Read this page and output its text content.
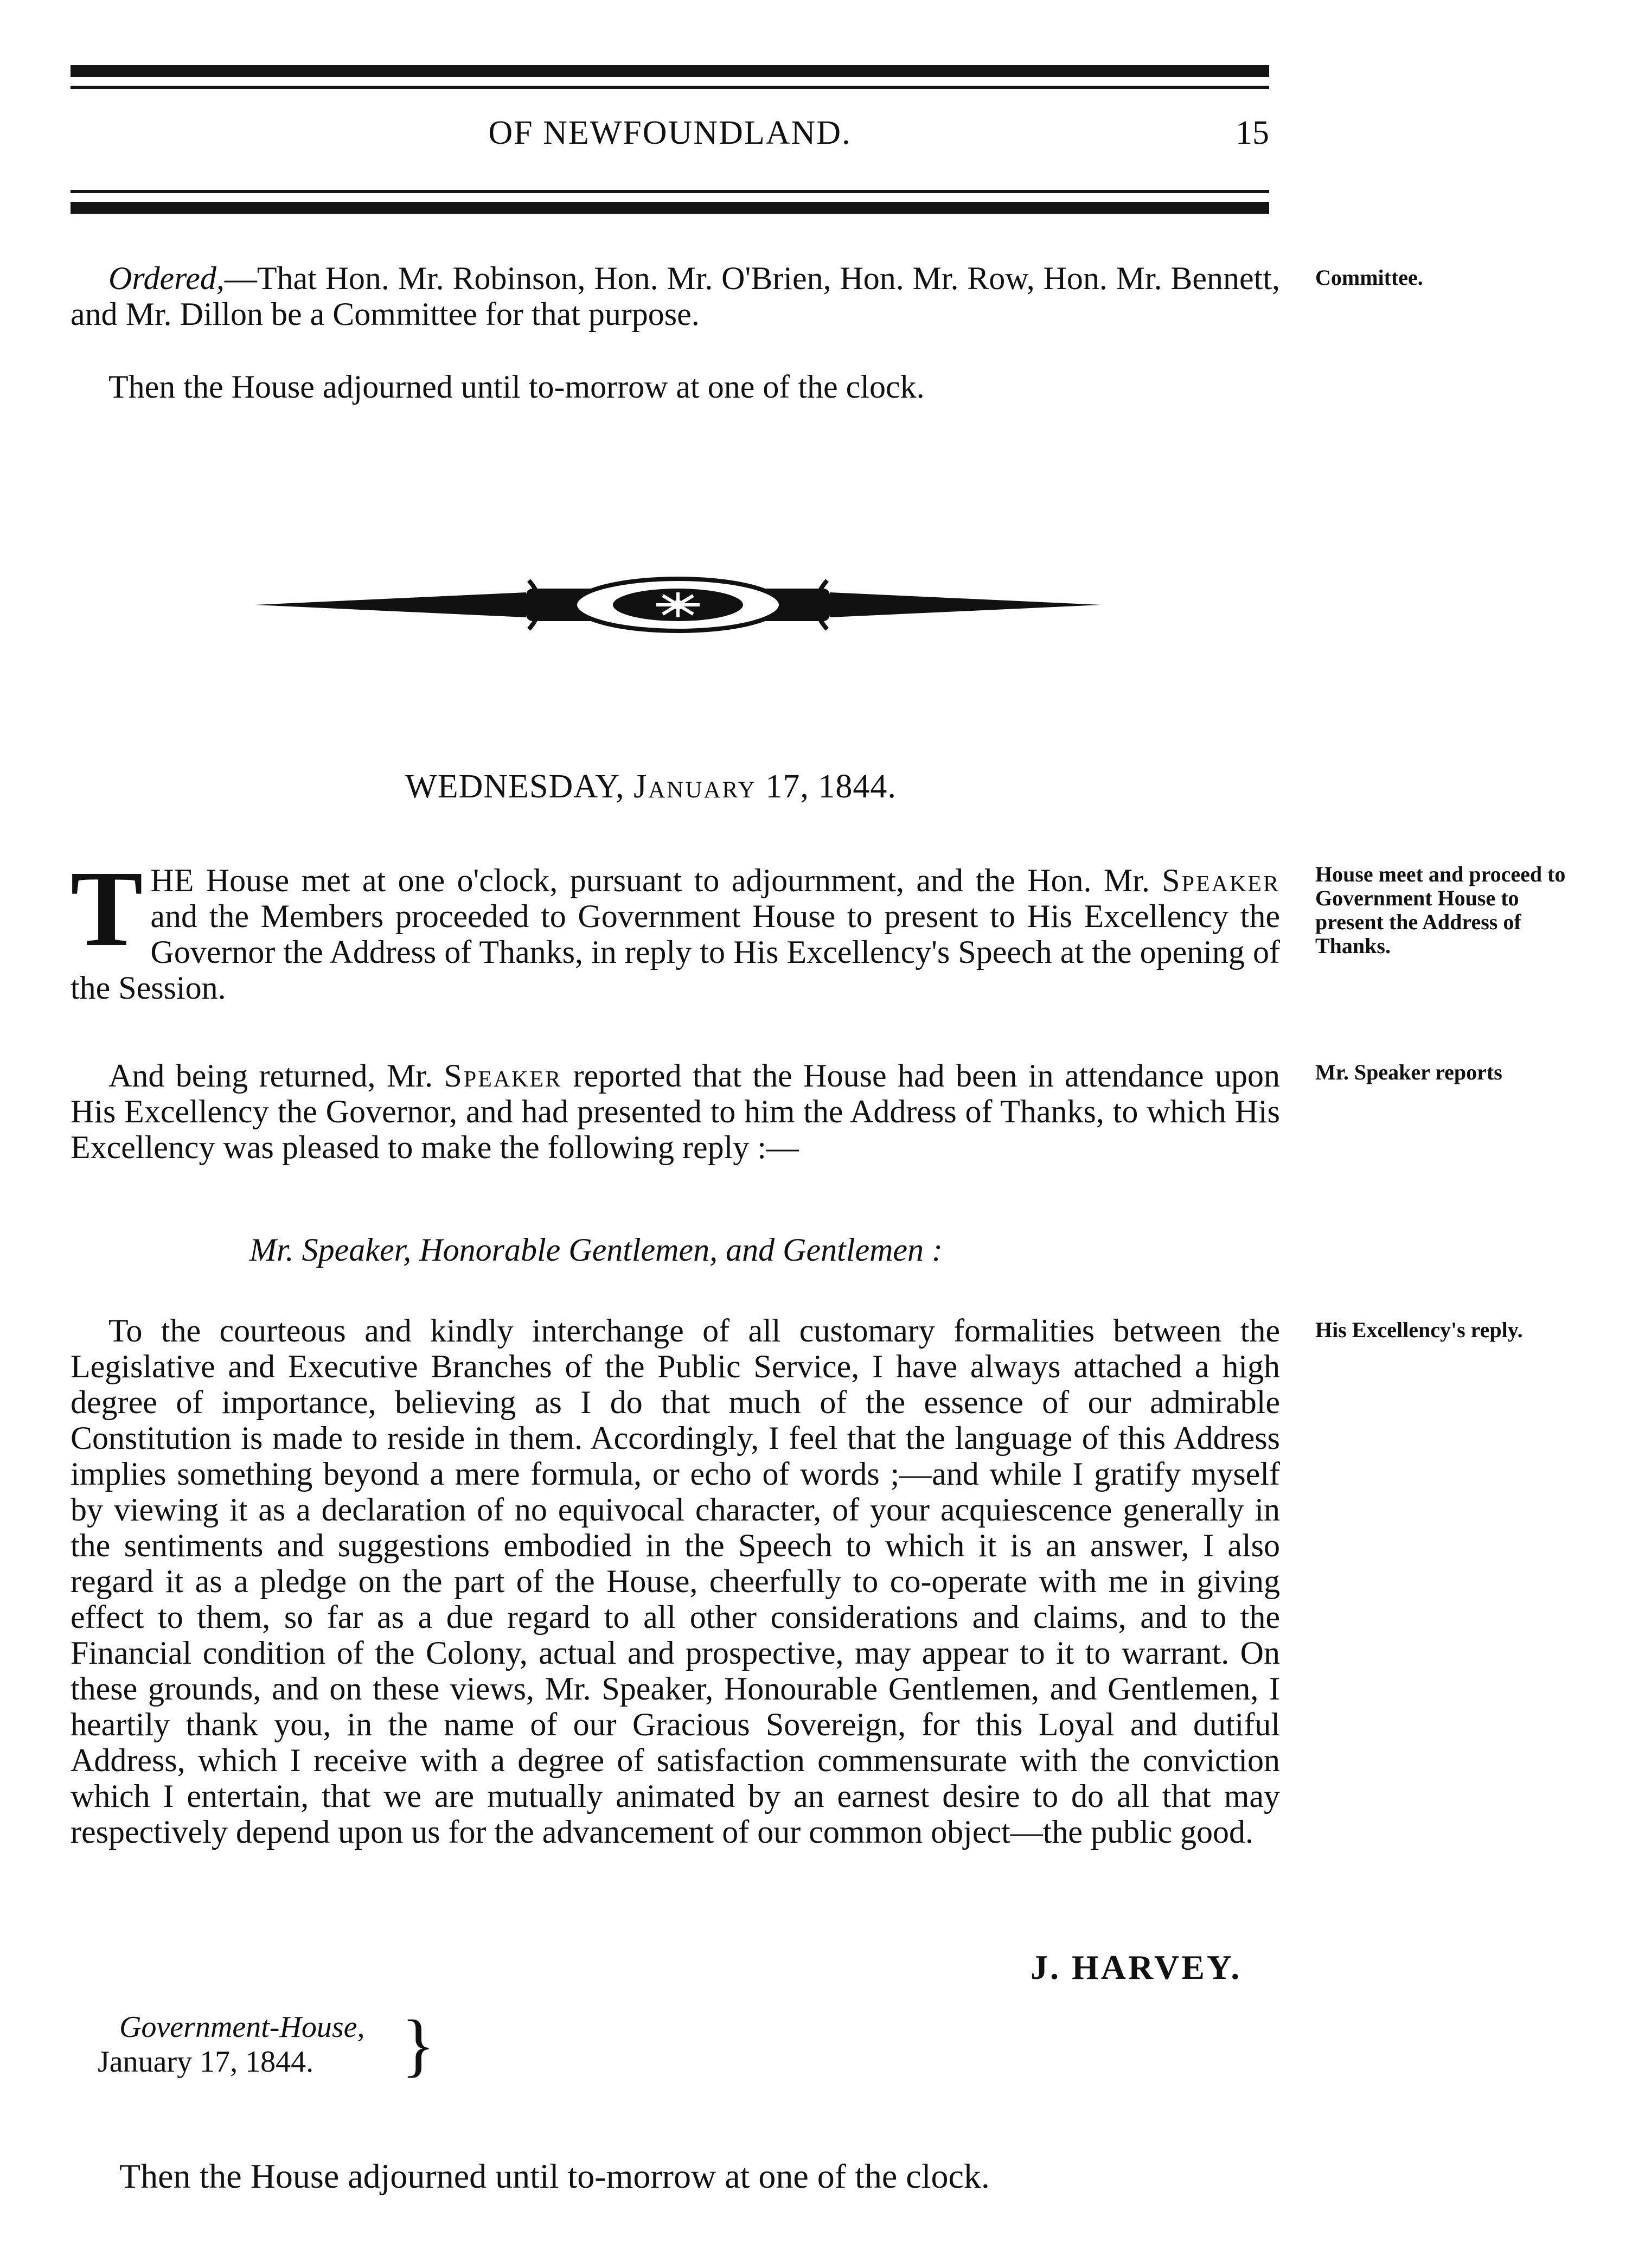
OF NEWFOUNDLAND.	15

Ordered,—That Hon. Mr. Robinson, Hon. Mr. O'Brien, Hon. Mr. Row, Hon. Mr. Bennett, and Mr. Dillon be a Committee for that purpose.

Committee.

Then the House adjourned until to-morrow at one of the clock.

WEDNESDAY, January 17, 1844.

T HE House met at one o'clock, pursuant to adjournment, and the Hon. Mr. Speaker and the Members proceeded to Government House to present to His Excellency the Governor the Address of Thanks, in reply to His Excellency's Speech at the opening of the Session.

House meet and proceed to Government House to present the Address of Thanks.

And being returned, Mr. Speaker reported that the House had been in attendance upon His Excellency the Governor, and had presented to him the Address of Thanks, to which His Excellency was pleased to make the following reply :—

Mr. Speaker reports
Mr. Speaker, Honorable Gentlemen, and Gentlemen :

To the courteous and kindly interchange of all customary formalities between the Legislative and Executive Branches of the Public Service, I have always attached a high degree of importance, believing as I do that much of the essence of our admirable Constitution is made to reside in them. Accordingly, I feel that the language of this Address implies something beyond a mere formula, or echo of words ;—and while I gratify myself by viewing it as a declaration of no equivocal character, of your acquiescence generally in the sentiments and suggestions embodied in the Speech to which it is an answer, I also regard it as a pledge on the part of the House, cheerfully to co-operate with me in giving effect to them, so far as a due regard to all other considerations and claims, and to the Financial condition of the Colony, actual and prospective, may appear to it to warrant. On these grounds, and on these views, Mr. Speaker, Honourable Gentlemen, and Gentlemen, I heartily thank you, in the name of our Gracious Sovereign, for this Loyal and dutiful Address, which I receive with a degree of satisfaction commensurate with the conviction which I entertain, that we are mutually animated by an earnest desire to do all that may respectively depend upon us for the advancement of our common object—the public good.

His Excellency's reply.
J. HARVEY.
Government-House,
January 17, 1844.	}
Then the House adjourned until to-morrow at one of the clock.
